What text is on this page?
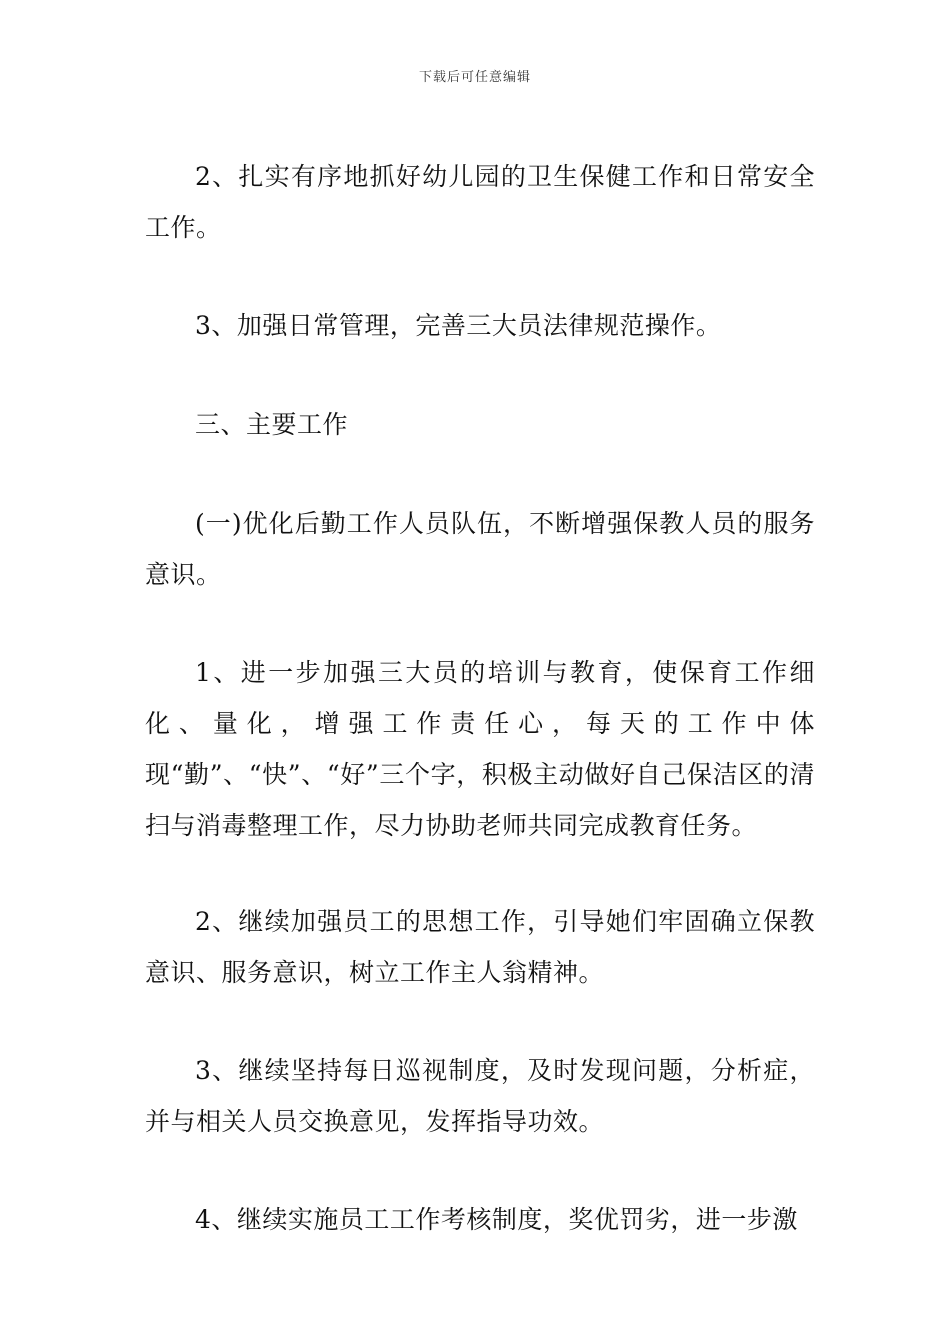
下载后可任意编辑

2、扎实有序地抓好幼儿园的卫生保健工作和日常安全工作。

3、加强日常管理，完善三大员法律规范操作。

三、主要工作

(一)优化后勤工作人员队伍，不断增强保教人员的服务意识。

1、进一步加强三大员的培训与教育，使保育工作细化、量化，增强工作责任心，每天的工作中体现“勤”、“快”、“好”三个字，积极主动做好自己保洁区的清扫与消毒整理工作，尽力协助老师共同完成教育任务。

2、继续加强员工的思想工作，引导她们牢固确立保教意识、服务意识，树立工作主人翁精神。

3、继续坚持每日巡视制度，及时发现问题，分析症，并与相关人员交换意见，发挥指导功效。

4、继续实施员工工作考核制度，奖优罚劣，进一步激
